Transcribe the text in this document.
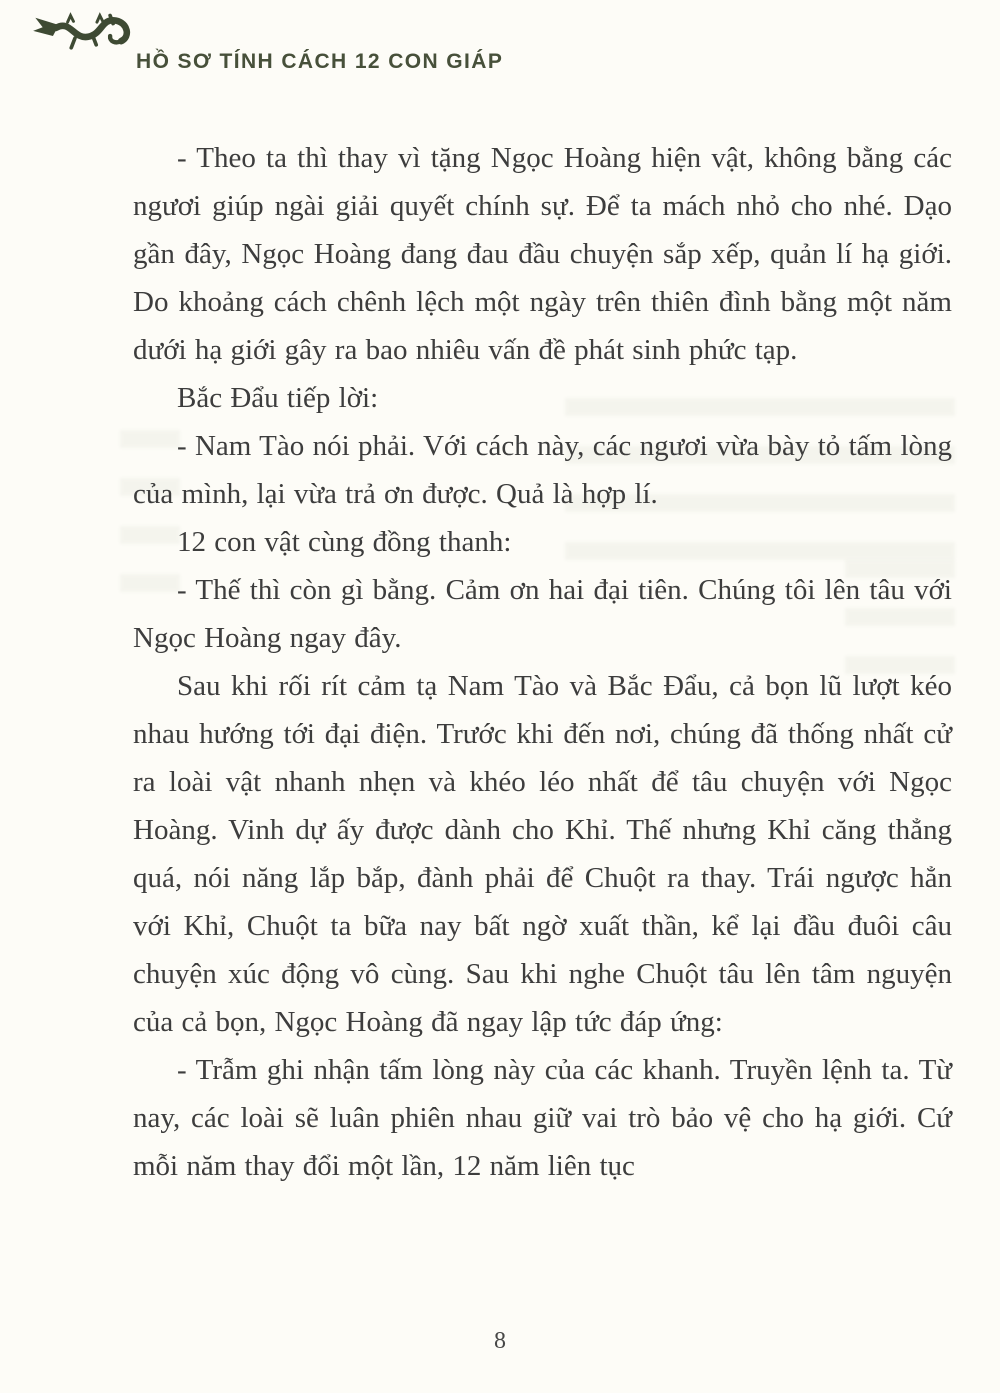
HỒ SƠ TÍNH CÁCH 12 CON GIÁP

- Theo ta thì thay vì tặng Ngọc Hoàng hiện vật, không bằng các ngươi giúp ngài giải quyết chính sự. Để ta mách nhỏ cho nhé. Dạo gần đây, Ngọc Hoàng đang đau đầu chuyện sắp xếp, quản lí hạ giới. Do khoảng cách chênh lệch một ngày trên thiên đình bằng một năm dưới hạ giới gây ra bao nhiêu vấn đề phát sinh phức tạp.

Bắc Đẩu tiếp lời:

- Nam Tào nói phải. Với cách này, các ngươi vừa bày tỏ tấm lòng của mình, lại vừa trả ơn được. Quả là hợp lí.

12 con vật cùng đồng thanh:

- Thế thì còn gì bằng. Cảm ơn hai đại tiên. Chúng tôi lên tâu với Ngọc Hoàng ngay đây.

Sau khi rối rít cảm tạ Nam Tào và Bắc Đẩu, cả bọn lũ lượt kéo nhau hướng tới đại điện. Trước khi đến nơi, chúng đã thống nhất cử ra loài vật nhanh nhẹn và khéo léo nhất để tâu chuyện với Ngọc Hoàng. Vinh dự ấy được dành cho Khỉ. Thế nhưng Khỉ căng thẳng quá, nói năng lắp bắp, đành phải để Chuột ra thay. Trái ngược hẳn với Khỉ, Chuột ta bữa nay bất ngờ xuất thần, kể lại đầu đuôi câu chuyện xúc động vô cùng. Sau khi nghe Chuột tâu lên tâm nguyện của cả bọn, Ngọc Hoàng đã ngay lập tức đáp ứng:

- Trẫm ghi nhận tấm lòng này của các khanh. Truyền lệnh ta. Từ nay, các loài sẽ luân phiên nhau giữ vai trò bảo vệ cho hạ giới. Cứ mỗi năm thay đổi một lần, 12 năm liên tục

8
